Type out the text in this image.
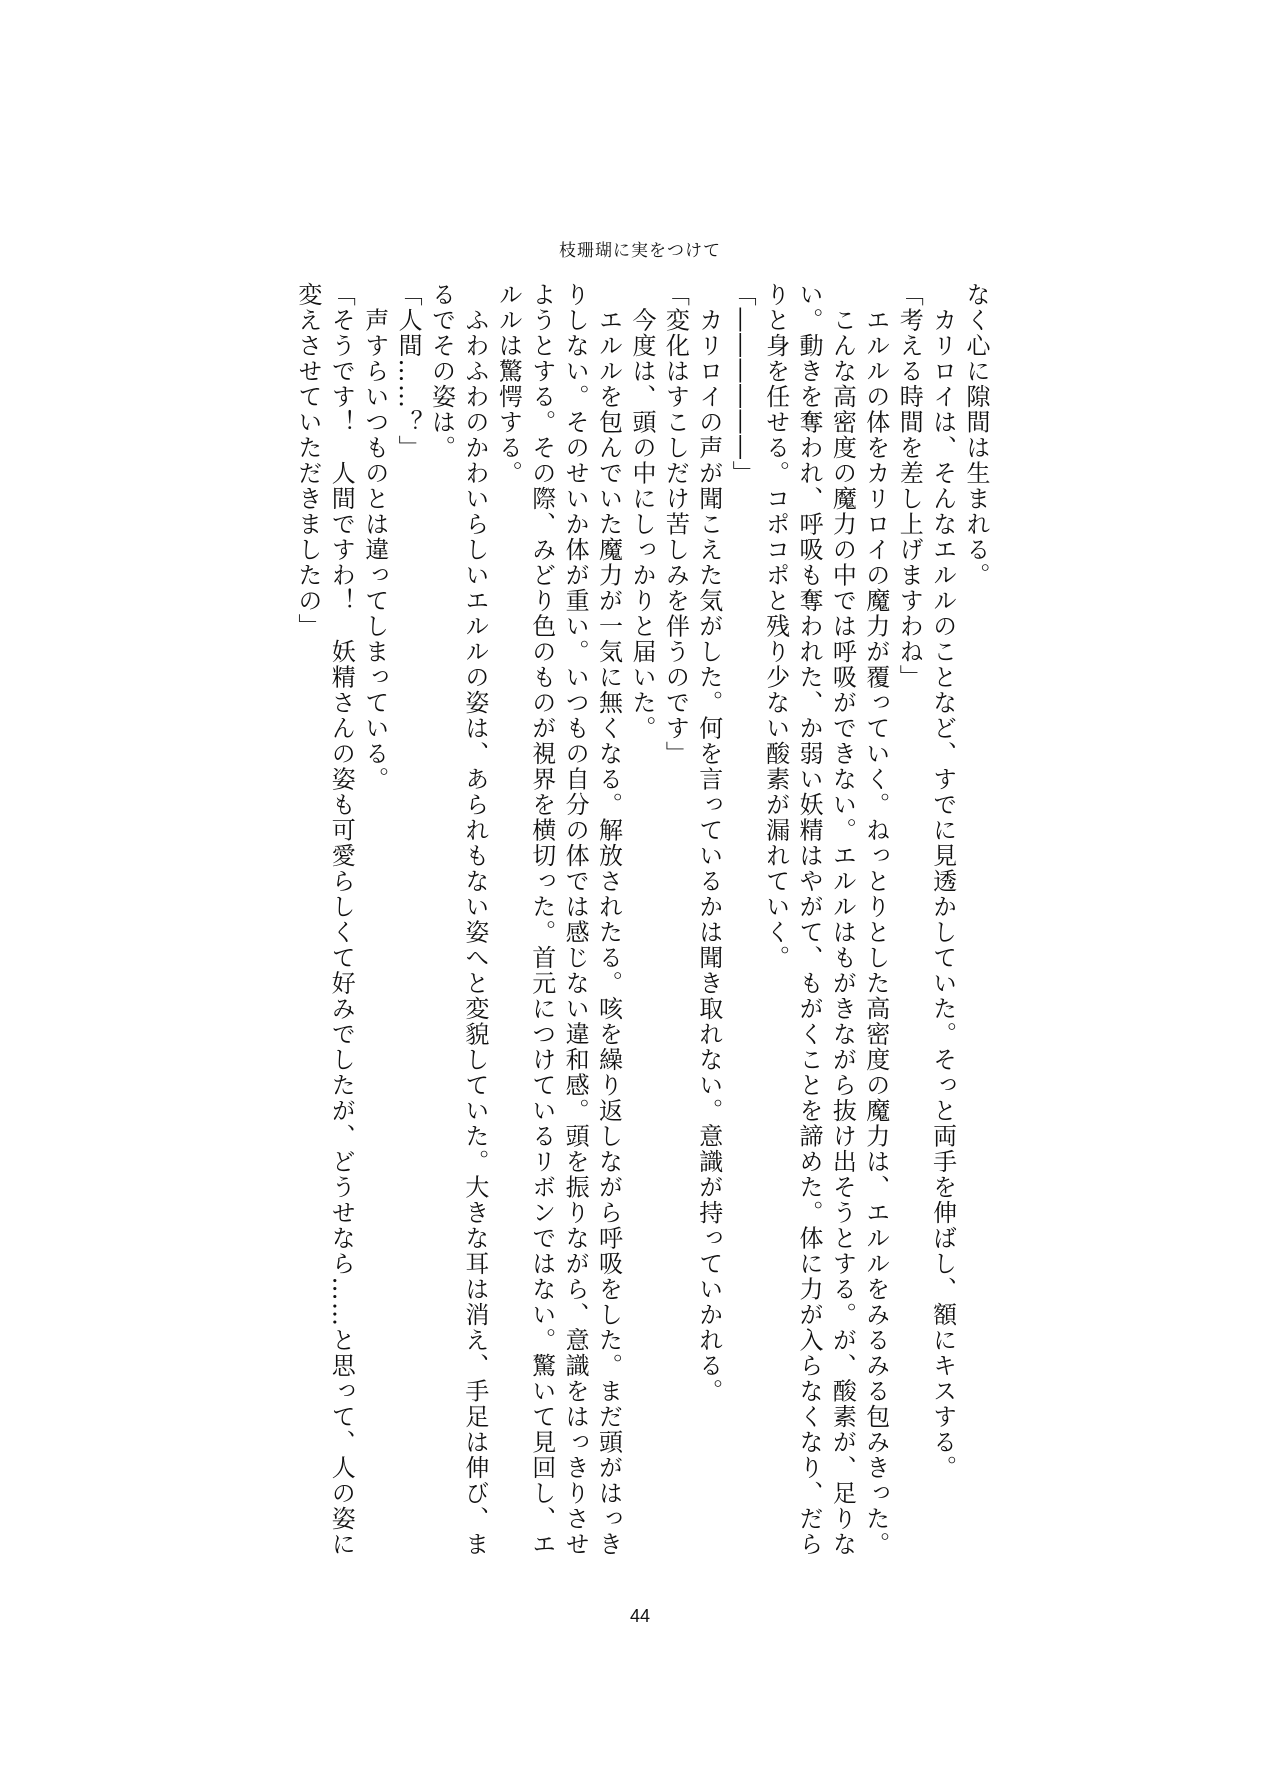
枝珊瑚に実をつけて

なく心に隙間は生まれる。

　カリロイは、そんなエルルのことなど、すでに見透かしていた。そっと両手を伸ばし、額にキスする。

「考える時間を差し上げますわね」

　エルルの体をカリロイの魔力が覆っていく。ねっとりとした高密度の魔力は、エルルをみるみる包みきった。

　こんな高密度の魔力の中では呼吸ができない。エルルはもがきながら抜け出そうとする。が、酸素が、足りない。動きを奪われ、呼吸も奪われた、か弱い妖精はやがて、もがくことを諦めた。体に力が入らなくなり、だらりと身を任せる。コポコポと残り少ない酸素が漏れていく。

「――――――」

　カリロイの声が聞こえた気がした。何を言っているかは聞き取れない。意識が持っていかれる。

「変化はすこしだけ苦しみを伴うのです」

　今度は、頭の中にしっかりと届いた。

　エルルを包んでいた魔力が一気に無くなる。解放されたる。咳を繰り返しながら呼吸をした。まだ頭がはっきりしない。そのせいか体が重い。いつもの自分の体では感じない違和感。頭を振りながら、意識をはっきりさせようとする。その際、みどり色のものが視界を横切った。首元につけているリボンではない。驚いて見回し、エルルは驚愕する。

　ふわふわのかわいらしいエルルの姿は、あられもない姿へと変貌していた。大きな耳は消え、手足は伸び、まるでその姿は。

「人間……？」

　声すらいつものとは違ってしまっている。

「そうです！　人間ですわ！　妖精さんの姿も可愛らしくて好みでしたが、どうせなら……と思って、人の姿に変えさせていただきましたの」

44
